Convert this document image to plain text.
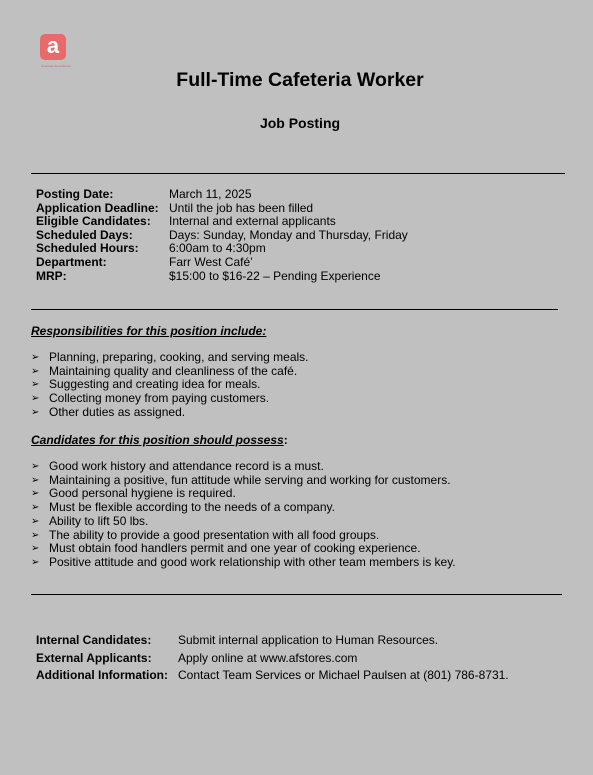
a
American Food Stores
Full-Time Cafeteria Worker
Job Posting
Posting Date:	March 11, 2025
Application Deadline: Until the job has been filled
Eligible Candidates:	Internal and external applicants
Scheduled Days:	Days: Sunday, Monday and Thursday, Friday
Scheduled Hours:	6:00am to 4:30pm
Department:	Farr West Café’
MRP:	$15:00 to $16-22 – Pending Experience
Responsibilities for this position include:
➢ Planning, preparing, cooking, and serving meals.
➢ Maintaining quality and cleanliness of the café.
➢ Suggesting and creating idea for meals.
➢ Collecting money from paying customers.
➢ Other duties as assigned.
Candidates for this position should possess:
➢ Good work history and attendance record is a must.
➢ Maintaining a positive, fun attitude while serving and working for customers.
➢ Good personal hygiene is required.
➢ Must be flexible according to the needs of a company.
➢ Ability to lift 50 lbs.
➢ The ability to provide a good presentation with all food groups.
➢ Must obtain food handlers permit and one year of cooking experience.
➢ Positive attitude and good work relationship with other team members is key.
Internal Candidates:	Submit internal application to Human Resources.
External Applicants:	Apply online at www.afstores.com
Additional Information: Contact Team Services or Michael Paulsen at (801) 786-8731.
